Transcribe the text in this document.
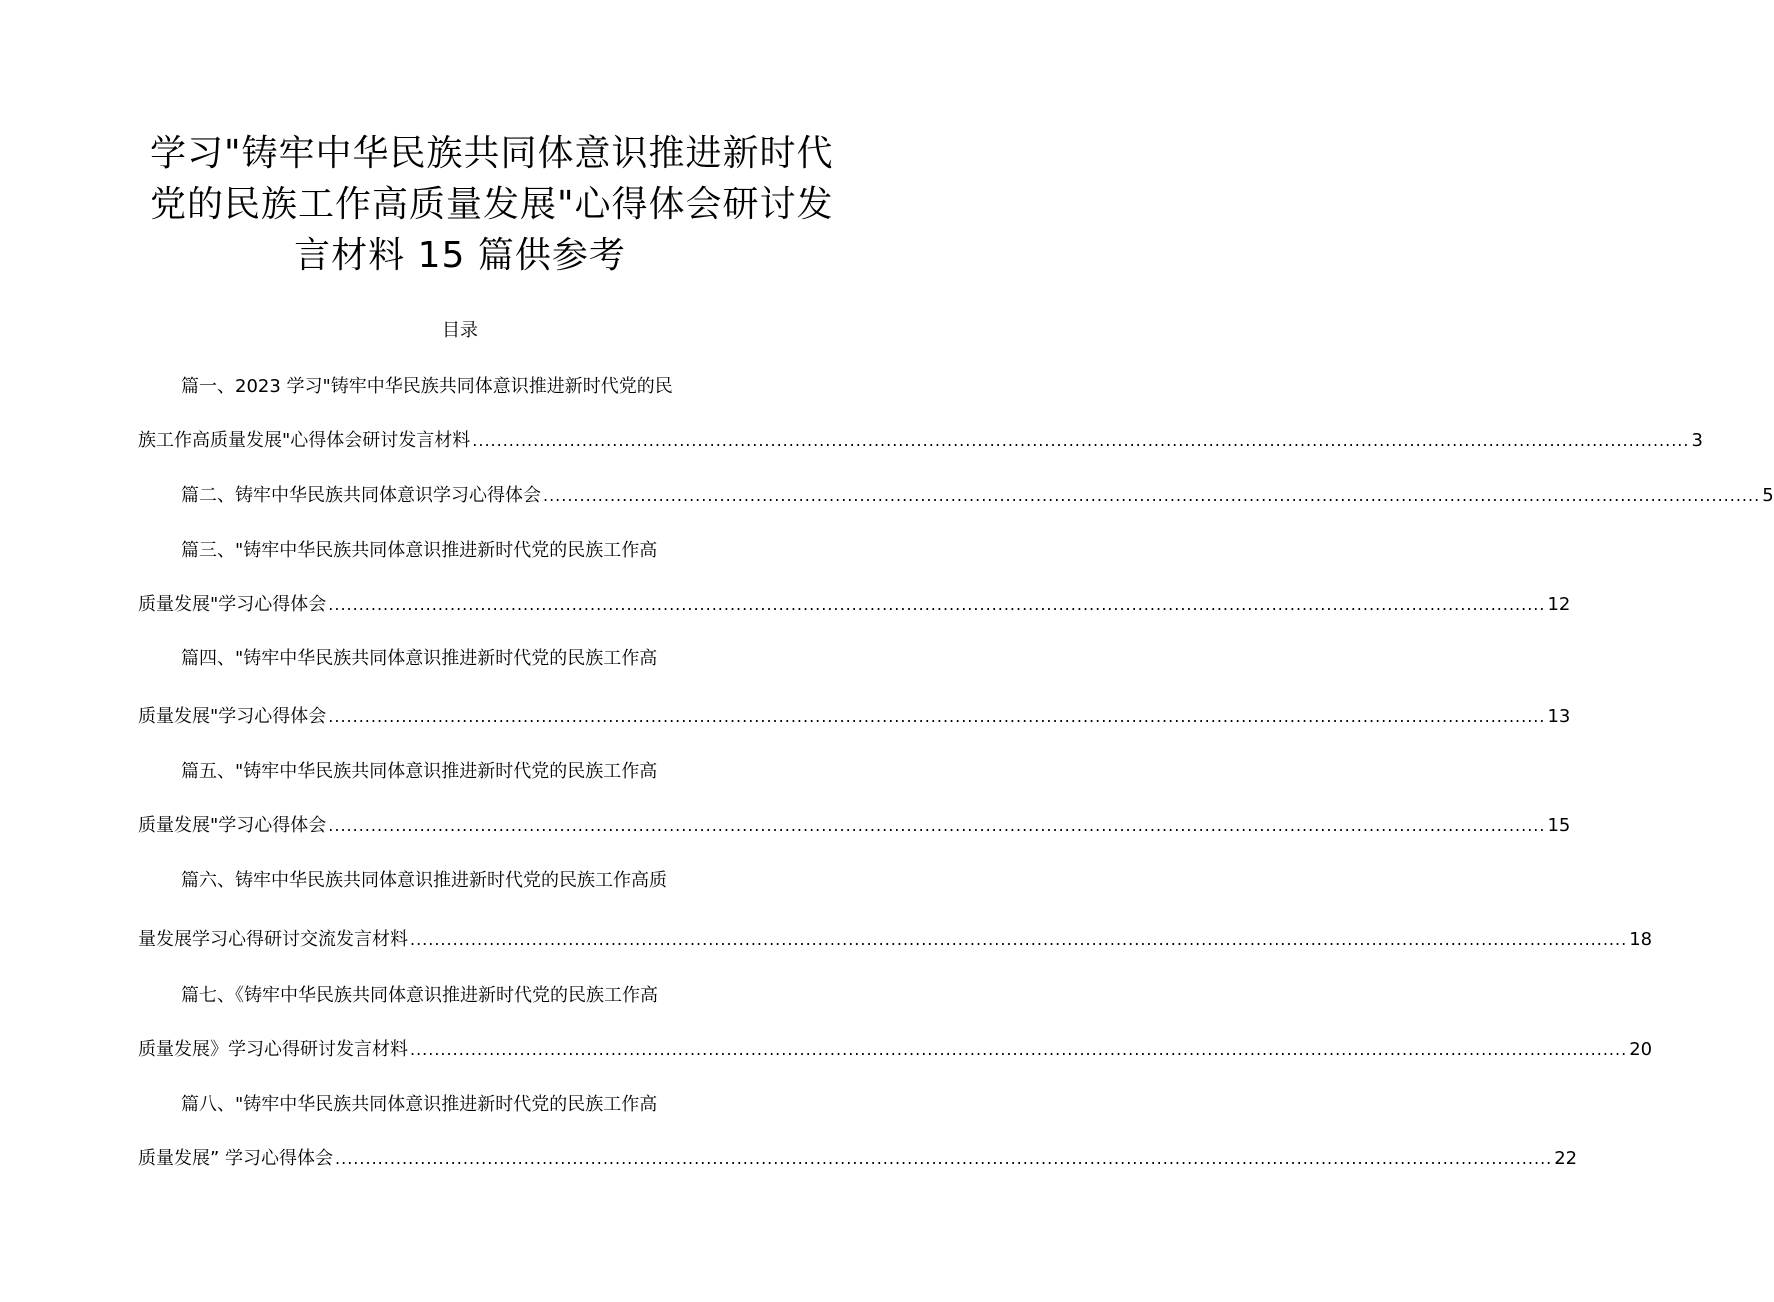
学习"铸牢中华民族共同体意识推进新时代
党的民族工作高质量发展"心得体会研讨发
言材料 15 篇供参考
目录
篇一、2023 学习"铸牢中华民族共同体意识推进新时代党的民
族工作高质量发展"心得体会研讨发言材料 ........................................................................................................................................................................................................ 3
篇二、铸牢中华民族共同体意识学习心得体会 ........................................................................................................................................................................................................ 5
篇三、"铸牢中华民族共同体意识推进新时代党的民族工作高
质量发展"学习心得体会 ........................................................................................................................................................................................................ 12
篇四、"铸牢中华民族共同体意识推进新时代党的民族工作高
质量发展"学习心得体会 ........................................................................................................................................................................................................ 13
篇五、"铸牢中华民族共同体意识推进新时代党的民族工作高
质量发展"学习心得体会 ........................................................................................................................................................................................................ 15
篇六、铸牢中华民族共同体意识推进新时代党的民族工作高质
量发展学习心得研讨交流发言材料 ........................................................................................................................................................................................................ 18
篇七、《铸牢中华民族共同体意识推进新时代党的民族工作高
质量发展》学习心得研讨发言材料 ........................................................................................................................................................................................................ 20
篇八、"铸牢中华民族共同体意识推进新时代党的民族工作高
质量发展” 学习心得体会 ........................................................................................................................................................................................................ 22
